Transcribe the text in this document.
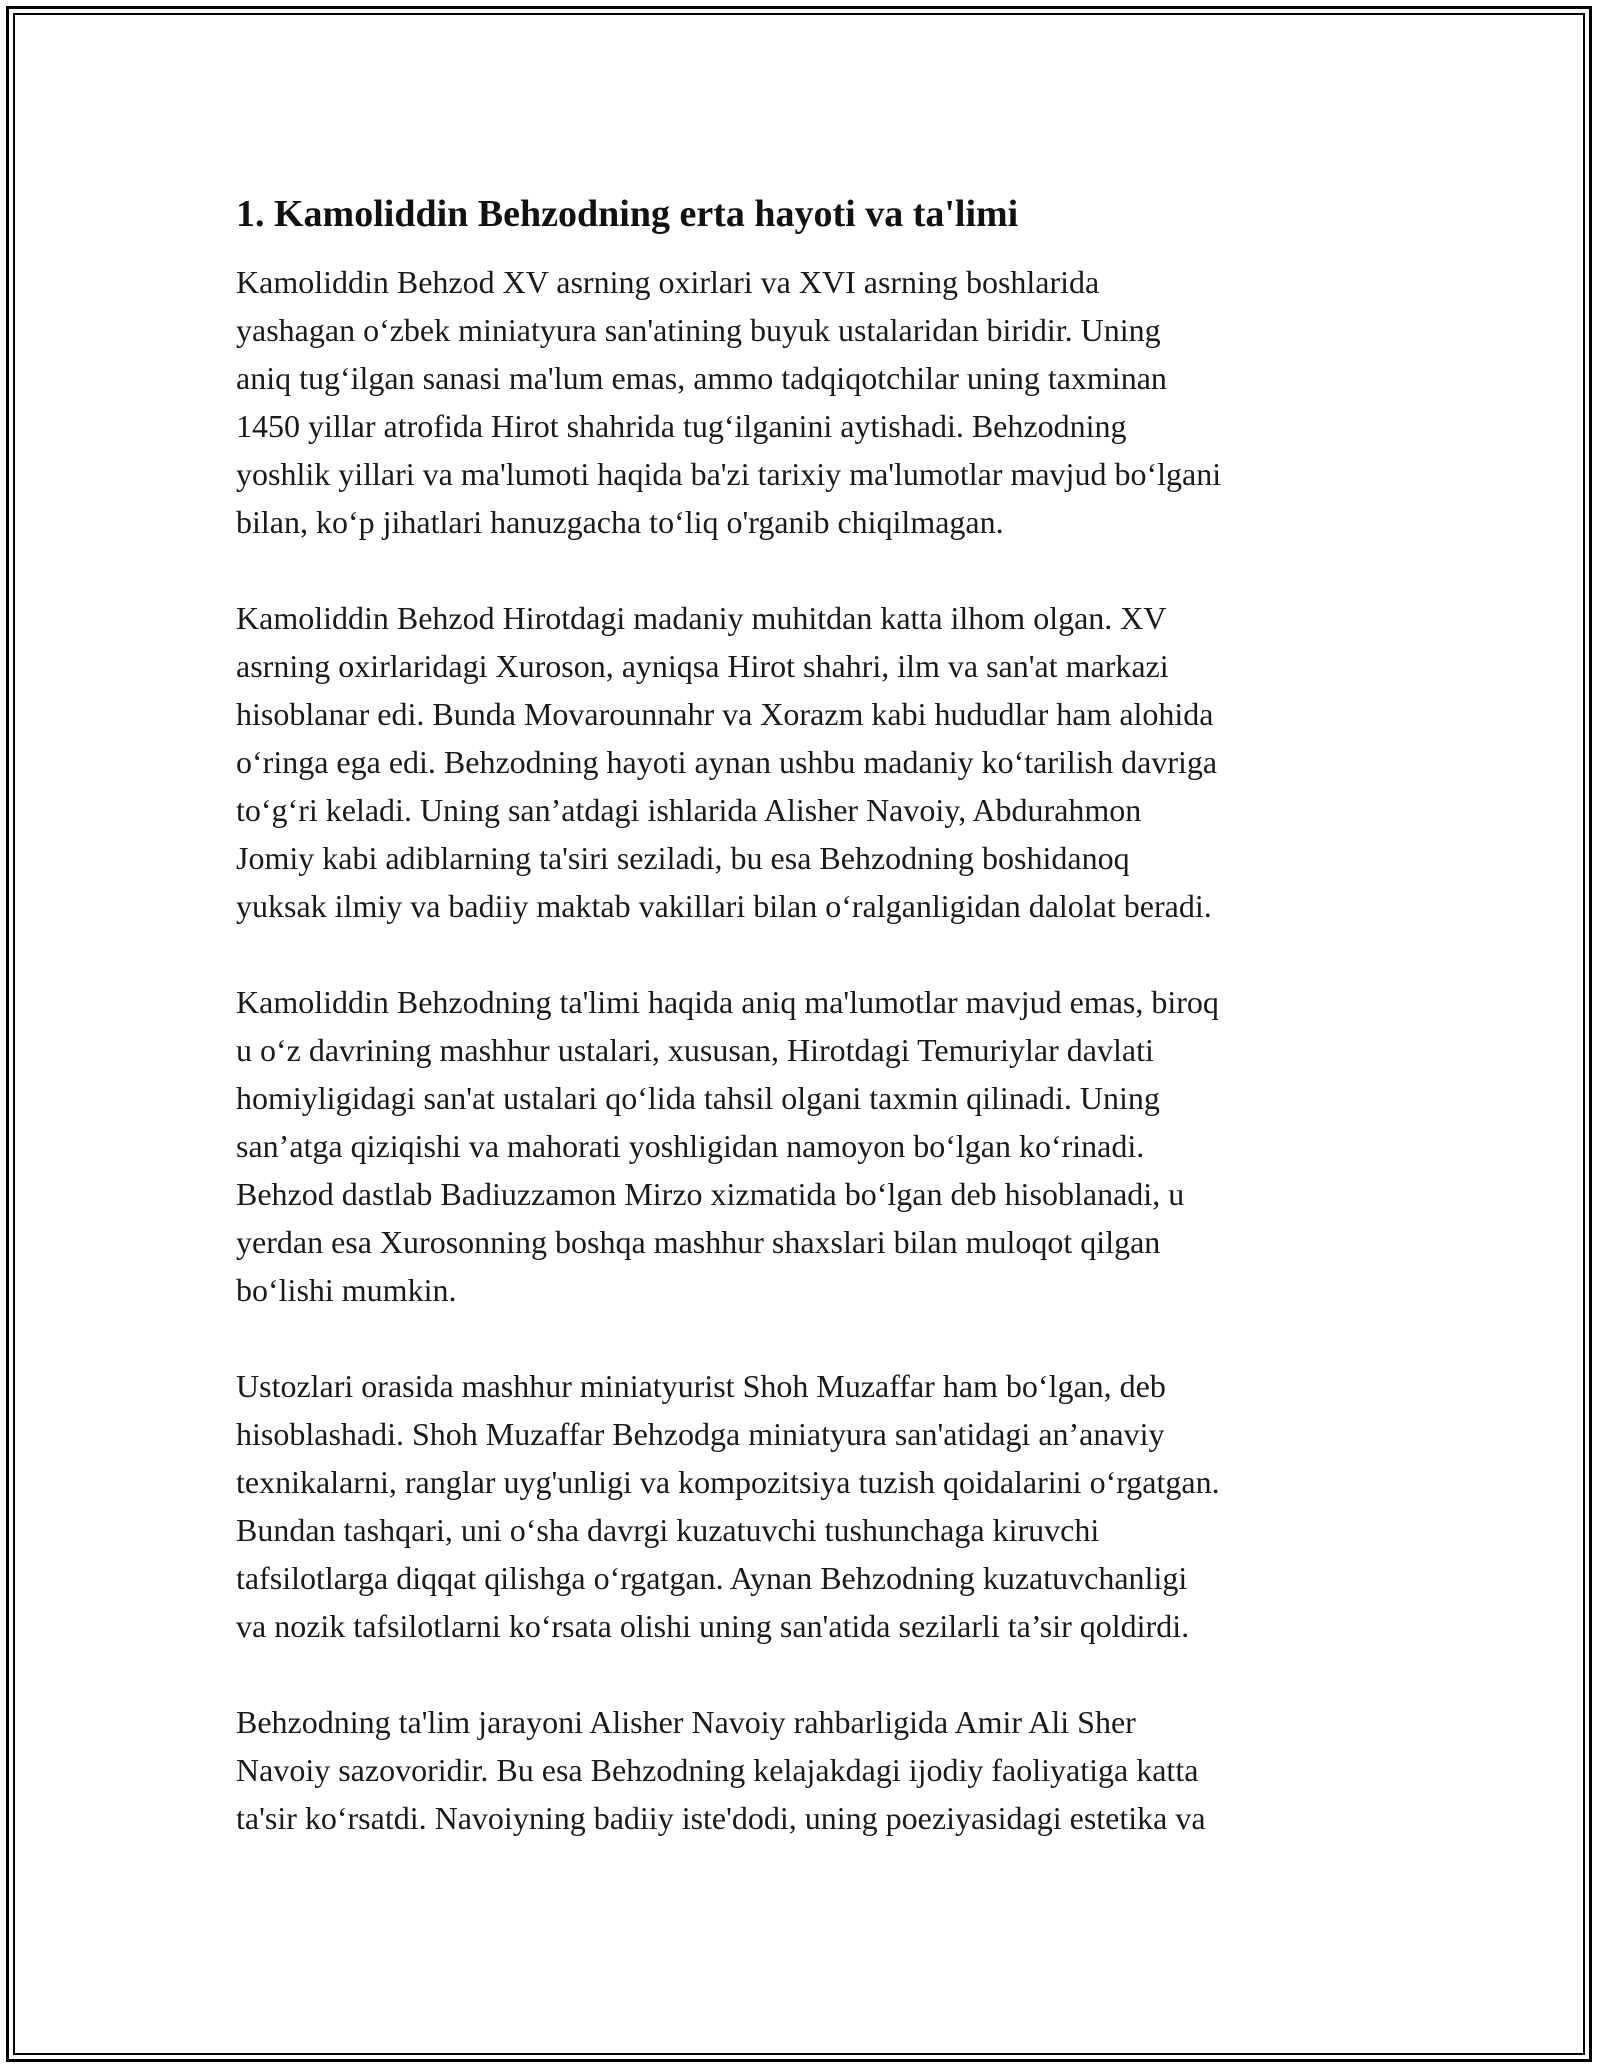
1. Kamoliddin Behzodning erta hayoti va ta'limi

Kamoliddin Behzod XV asrning oxirlari va XVI asrning boshlarida
yashagan o‘zbek miniatyura san'atining buyuk ustalaridan biridir. Uning
aniq tug‘ilgan sanasi ma'lum emas, ammo tadqiqotchilar uning taxminan
1450 yillar atrofida Hirot shahrida tug‘ilganini aytishadi. Behzodning
yoshlik yillari va ma'lumoti haqida ba'zi tarixiy ma'lumotlar mavjud bo‘lgani
bilan, ko‘p jihatlari hanuzgacha to‘liq o'rganib chiqilmagan.

Kamoliddin Behzod Hirotdagi madaniy muhitdan katta ilhom olgan. XV
asrning oxirlaridagi Xuroson, ayniqsa Hirot shahri, ilm va san'at markazi
hisoblanar edi. Bunda Movarounnahr va Xorazm kabi hududlar ham alohida
o‘ringa ega edi. Behzodning hayoti aynan ushbu madaniy ko‘tarilish davriga
to‘g‘ri keladi. Uning san’atdagi ishlarida Alisher Navoiy, Abdurahmon
Jomiy kabi adiblarning ta'siri seziladi, bu esa Behzodning boshidanoq
yuksak ilmiy va badiiy maktab vakillari bilan o‘ralganligidan dalolat beradi.

Kamoliddin Behzodning ta'limi haqida aniq ma'lumotlar mavjud emas, biroq
u o‘z davrining mashhur ustalari, xususan, Hirotdagi Temuriylar davlati
homiyligidagi san'at ustalari qo‘lida tahsil olgani taxmin qilinadi. Uning
san’atga qiziqishi va mahorati yoshligidan namoyon bo‘lgan ko‘rinadi.
Behzod dastlab Badiuzzamon Mirzo xizmatida bo‘lgan deb hisoblanadi, u
yerdan esa Xurosonning boshqa mashhur shaxslari bilan muloqot qilgan
bo‘lishi mumkin.

Ustozlari orasida mashhur miniatyurist Shoh Muzaffar ham bo‘lgan, deb
hisoblashadi. Shoh Muzaffar Behzodga miniatyura san'atidagi an’anaviy
texnikalarni, ranglar uyg'unligi va kompozitsiya tuzish qoidalarini o‘rgatgan.
Bundan tashqari, uni o‘sha davrgi kuzatuvchi tushunchaga kiruvchi
tafsilotlarga diqqat qilishga o‘rgatgan. Aynan Behzodning kuzatuvchanligi
va nozik tafsilotlarni ko‘rsata olishi uning san'atida sezilarli ta’sir qoldirdi.

Behzodning ta'lim jarayoni Alisher Navoiy rahbarligida Amir Ali Sher
Navoiy sazovoridir. Bu esa Behzodning kelajakdagi ijodiy faoliyatiga katta
ta'sir ko‘rsatdi. Navoiyning badiiy iste'dodi, uning poeziyasidagi estetika va
